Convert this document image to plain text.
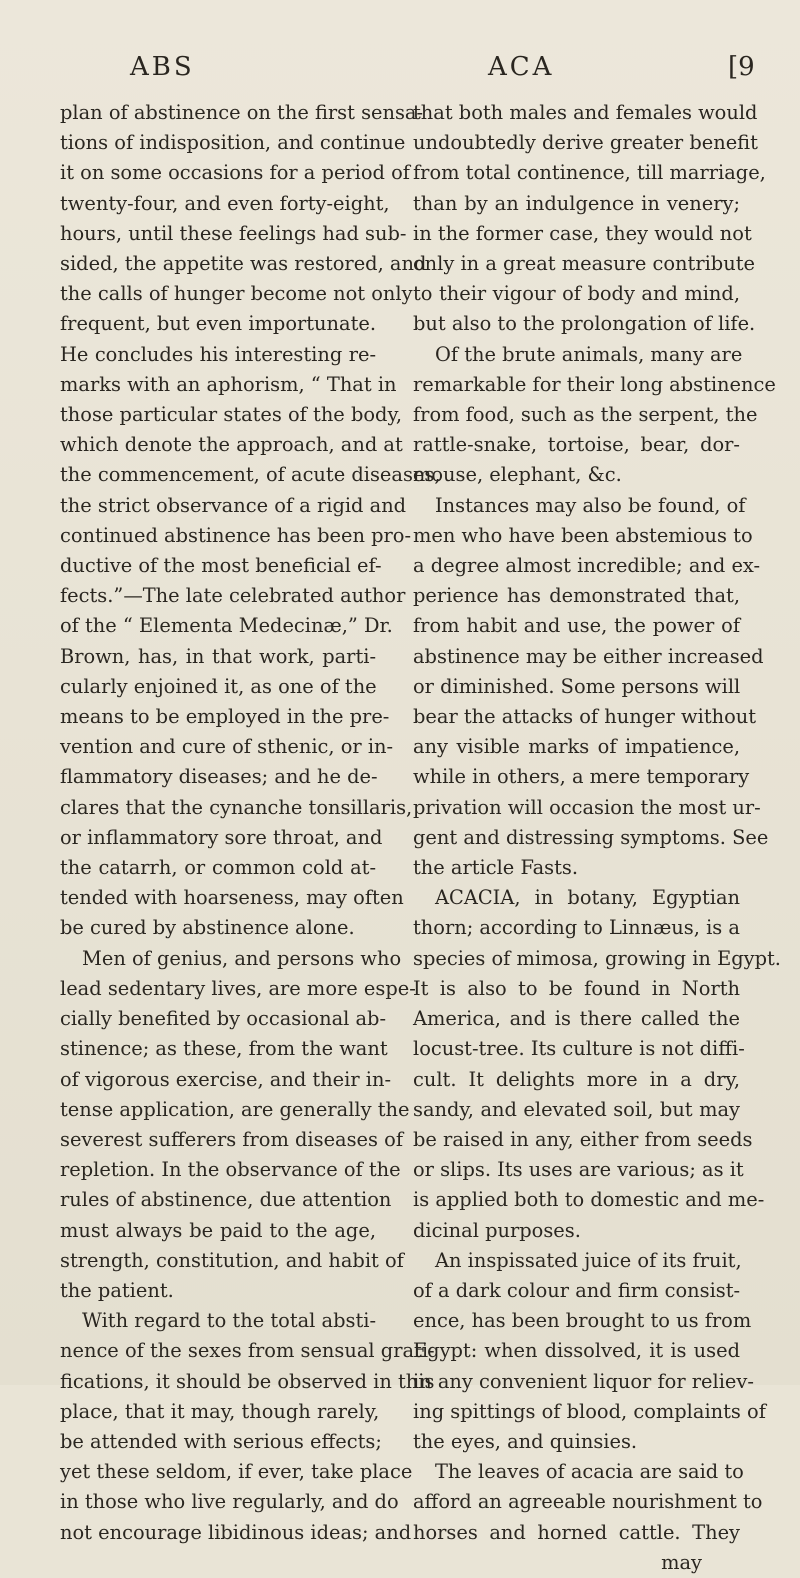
ABS	ACA	[9
plan of abstinence on the first sensa-
tions of indisposition, and continue
it on some occasions for a period of
twenty-four, and even forty-eight,
hours, until these feelings had sub-
sided, the appetite was restored, and
the calls of hunger become not only
frequent, but even importunate.
He concludes his interesting re-
marks with an aphorism, “ That in
those particular states of the body,
which denote the approach, and at
the commencement, of acute diseases,
the strict observance of a rigid and
continued abstinence has been pro-
ductive of the most beneficial ef-
fects.”—The late celebrated author
of the “ Elementa Medecinæ,” Dr.
Brown, has, in that work, parti-
cularly enjoined it, as one of the
means to be employed in the pre-
vention and cure of sthenic, or in-
flammatory diseases; and he de-
clares that the cynanche tonsillaris,
or inflammatory sore throat, and
the catarrh, or common cold at-
tended with hoarseness, may often
be cured by abstinence alone.
Men of genius, and persons who
lead sedentary lives, are more espe-
cially benefited by occasional ab-
stinence; as these, from the want
of vigorous exercise, and their in-
tense application, are generally the
severest sufferers from diseases of
repletion. In the observance of the
rules of abstinence, due attention
must always be paid to the age,
strength, constitution, and habit of
the patient.
With regard to the total absti-
nence of the sexes from sensual grati-
fications, it should be observed in this
place, that it may, though rarely,
be attended with serious effects;
yet these seldom, if ever, take place
in those who live regularly, and do
not encourage libidinous ideas; and
that both males and females would
undoubtedly derive greater benefit
from total continence, till marriage,
than by an indulgence in venery;
in the former case, they would not
only in a great measure contribute
to their vigour of body and mind,
but also to the prolongation of life.
Of the brute animals, many are
remarkable for their long abstinence
from food, such as the serpent, the
rattle-snake, tortoise, bear, dor-
mouse, elephant, &c.
Instances may also be found, of
men who have been abstemious to
a degree almost incredible; and ex-
perience has demonstrated that,
from habit and use, the power of
abstinence may be either increased
or diminished. Some persons will
bear the attacks of hunger without
any visible marks of impatience,
while in others, a mere temporary
privation will occasion the most ur-
gent and distressing symptoms. See
the article Fasts.
ACACIA, in botany, Egyptian
thorn; according to Linnæus, is a
species of mimosa, growing in Egypt.
It is also to be found in North
America, and is there called the
locust-tree. Its culture is not diffi-
cult. It delights more in a dry,
sandy, and elevated soil, but may
be raised in any, either from seeds
or slips. Its uses are various; as it
is applied both to domestic and me-
dicinal purposes.
An inspissated juice of its fruit,
of a dark colour and firm consist-
ence, has been brought to us from
Egypt: when dissolved, it is used
in any convenient liquor for reliev-
ing spittings of blood, complaints of
the eyes, and quinsies.
The leaves of acacia are said to
afford an agreeable nourishment to
horses and horned cattle. They
may
